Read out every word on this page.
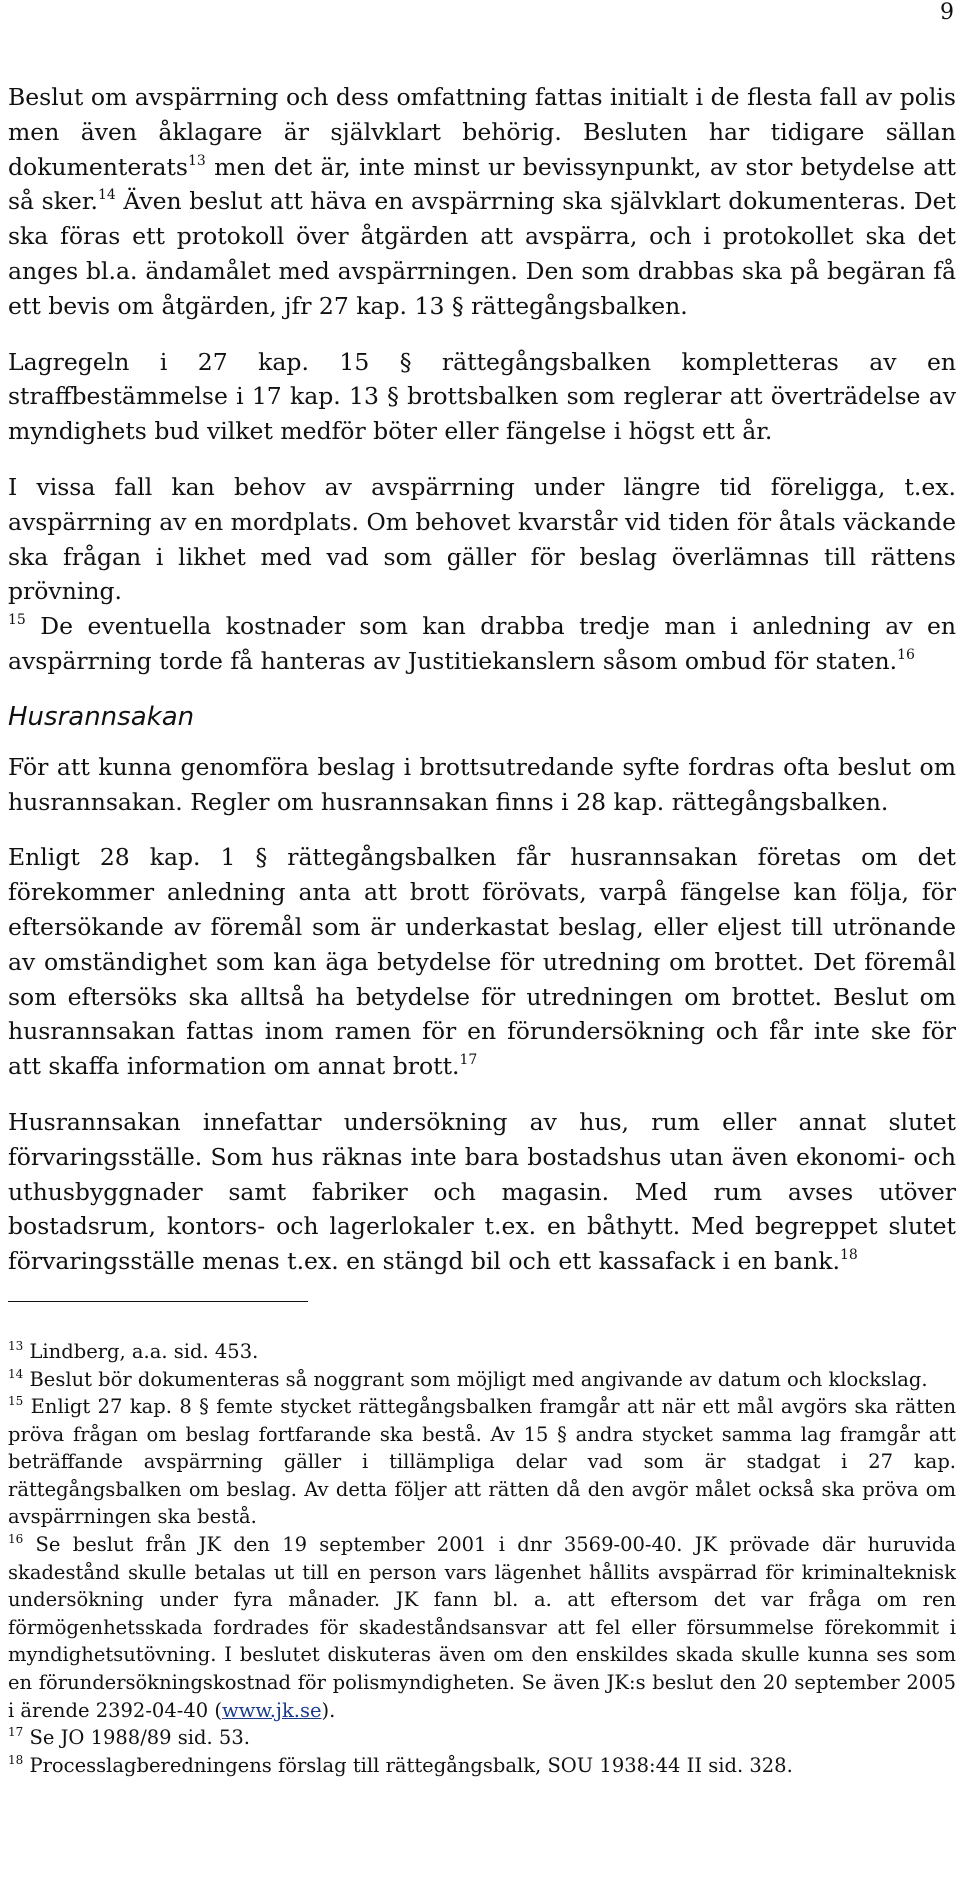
9

Beslut om avspärrning och dess omfattning fattas initialt i de flesta fall av polis men även åklagare är självklart behörig. Besluten har tidigare sällan dokumenterats$^{13}$ men det är, inte minst ur bevissynpunkt, av stor betydelse att så sker.$^{14}$ Även beslut att häva en avspärrning ska självklart dokumenteras. Det ska föras ett protokoll över åtgärden att avspärra, och i protokollet ska det anges bl.a. ändamålet med avspärrningen. Den som drabbas ska på begäran få ett bevis om åtgärden, jfr 27 kap. 13 § rättegångsbalken.

Lagregeln i 27 kap. 15 § rättegångsbalken kompletteras av en straffbestämmelse i 17 kap. 13 § brottsbalken som reglerar att överträdelse av myndighets bud vilket medför böter eller fängelse i högst ett år.

I vissa fall kan behov av avspärrning under längre tid föreligga, t.ex. avspärrning av en mordplats. Om behovet kvarstår vid tiden för åtals väckande ska frågan i likhet med vad som gäller för beslag överlämnas till rättens prövning.
$^{15}$ De eventuella kostnader som kan drabba tredje man i anledning av en avspärrning torde få hanteras av Justitiekanslern såsom ombud för staten.$^{16}$

Husrannsakan

För att kunna genomföra beslag i brottsutredande syfte fordras ofta beslut om husrannsakan. Regler om husrannsakan finns i 28 kap. rättegångsbalken.

Enligt 28 kap. 1 § rättegångsbalken får husrannsakan företas om det förekommer anledning anta att brott förövats, varpå fängelse kan följa, för eftersökande av föremål som är underkastat beslag, eller eljest till utrönande av omständighet som kan äga betydelse för utredning om brottet. Det föremål som eftersöks ska alltså ha betydelse för utredningen om brottet. Beslut om husrannsakan fattas inom ramen för en förundersökning och får inte ske för att skaffa information om annat brott.$^{17}$

Husrannsakan innefattar undersökning av hus, rum eller annat slutet förvaringsställe. Som hus räknas inte bara bostadshus utan även ekonomi- och uthusbyggnader samt fabriker och magasin. Med rum avses utöver bostadsrum, kontors- och lagerlokaler t.ex. en båthytt. Med begreppet slutet förvaringsställe menas t.ex. en stängd bil och ett kassafack i en bank.$^{18}$

$^{13}$ Lindberg, a.a. sid. 453.

$^{14}$ Beslut bör dokumenteras så noggrant som möjligt med angivande av datum och klockslag.

$^{15}$ Enligt 27 kap. 8 § femte stycket rättegångsbalken framgår att när ett mål avgörs ska rätten pröva frågan om beslag fortfarande ska bestå. Av 15 § andra stycket samma lag framgår att beträffande avspärrning gäller i tillämpliga delar vad som är stadgat i 27 kap. rättegångsbalken om beslag. Av detta följer att rätten då den avgör målet också ska pröva om avspärrningen ska bestå.

$^{16}$ Se beslut från JK den 19 september 2001 i dnr 3569-00-40. JK prövade där huruvida skadestånd skulle betalas ut till en person vars lägenhet hållits avspärrad för kriminalteknisk undersökning under fyra månader. JK fann bl. a. att eftersom det var fråga om ren förmögenhetsskada fordrades för skadeståndsansvar att fel eller försummelse förekommit i myndighetsutövning. I beslutet diskuteras även om den enskildes skada skulle kunna ses som en förundersökningskostnad för polismyndigheten. Se även JK:s beslut den 20 september 2005 i ärende 2392-04-40 (www.jk.se).

$^{17}$ Se JO 1988/89 sid. 53.

$^{18}$ Processlagberedningens förslag till rättegångsbalk, SOU 1938:44 II sid. 328.
